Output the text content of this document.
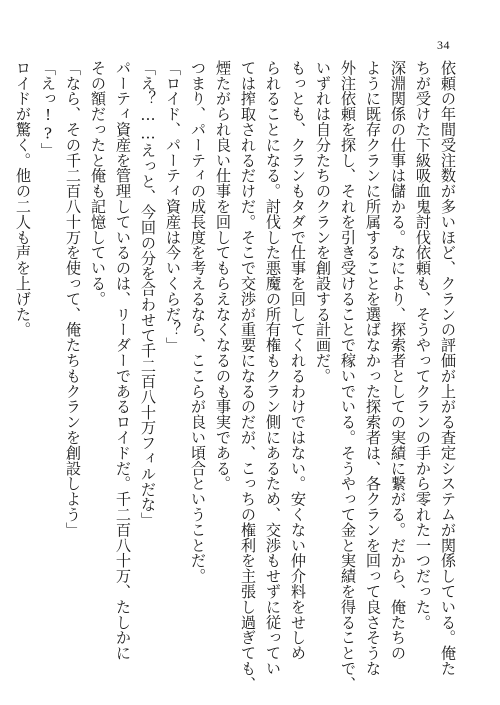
34
依頼の年間受注数が多いほど、クランの評価が上がる査定システムが関係している。俺た
ちが受けた下級吸血鬼討伐依頼も、そうやってクランの手から零れた一つだった。
深淵関係の仕事は儲かる。なにより、探索者としての実績に繋がる。だから、俺たちの
ように既存クランに所属することを選ばなかった探索者は、各クランを回って良さそうな
外注依頼を探し、それを引き受けることで稼いでいる。そうやって金と実績を得ることで、
いずれは自分たちのクランを創設する計画だ。
もっとも、クランもタダで仕事を回してくれるわけではない。安くない仲介料をせしめ
られることになる。討伐した悪魔の所有権もクラン側にあるため、交渉もせずに従ってい
ては搾取されるだけだ。そこで交渉が重要になるのだが、こっちの権利を主張し過ぎても、
煙たがられ良い仕事を回してもらえなくなるのも事実である。
つまり、パーティの成長度を考えるなら、ここらが良い頃合ということだ。
「ロイド、パーティ資産は今いくらだ？」
「え？……えっと、今回の分を合わせて千二百八十万フィルだな」
パーティ資産を管理しているのは、リーダーであるロイドだ。千二百八十万、たしかに
その額だったと俺も記憶している。
「なら、その千二百八十万を使って、俺たちもクランを創設しよう」
「えっ!?」
ロイドが驚く。他の二人も声を上げた。
